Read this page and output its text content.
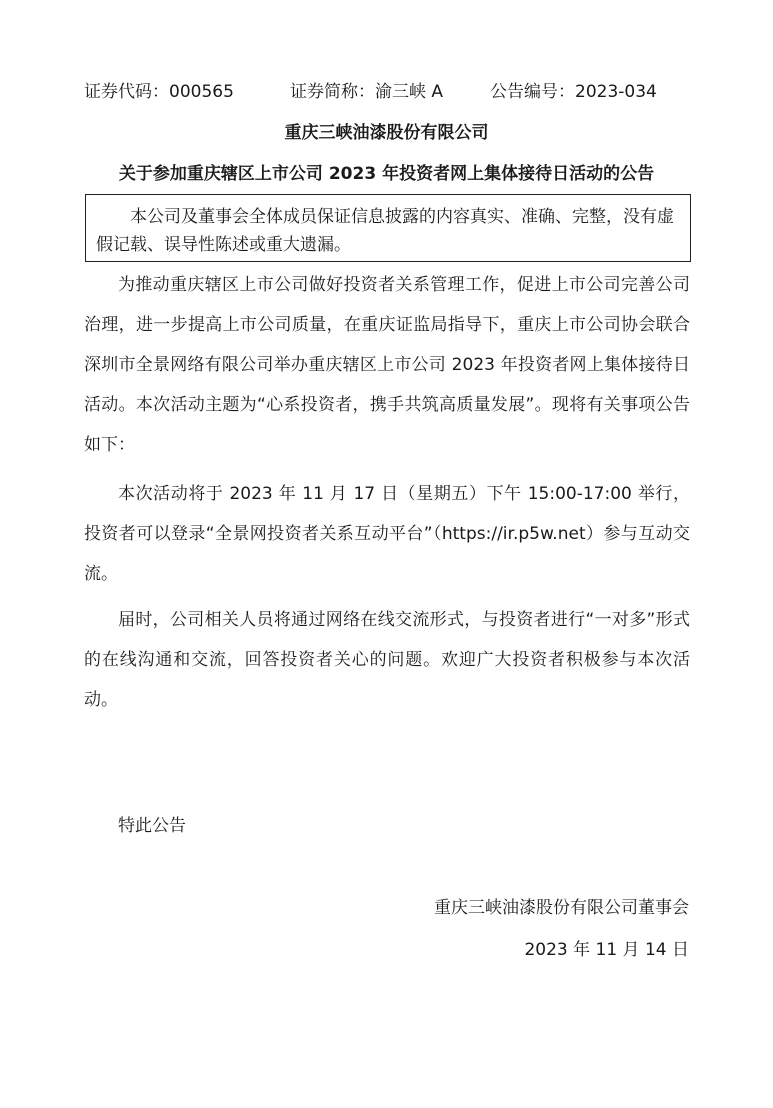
证券代码：000565	证券简称：渝三峡 A	公告编号：2023-034
重庆三峡油漆股份有限公司
关于参加重庆辖区上市公司 2023 年投资者网上集体接待日活动的公告

本公司及董事会全体成员保证信息披露的内容真实、准确、完整，没有虚假记载、误导性陈述或重大遗漏。

为推动重庆辖区上市公司做好投资者关系管理工作，促进上市公司完善公司治理，进一步提高上市公司质量，在重庆证监局指导下，重庆上市公司协会联合深圳市全景网络有限公司举办重庆辖区上市公司 2023 年投资者网上集体接待日活动。本次活动主题为“心系投资者，携手共筑高质量发展”。现将有关事项公告如下：

本次活动将于 2023 年 11 月 17 日（星期五）下午 15:00-17:00 举行，投资者可以登录“全景网投资者关系互动平台”（https://ir.p5w.net）参与互动交流。

届时，公司相关人员将通过网络在线交流形式，与投资者进行“一对多”形式的在线沟通和交流，回答投资者关心的问题。欢迎广大投资者积极参与本次活动。

特此公告

重庆三峡油漆股份有限公司董事会

2023 年 11 月 14 日
